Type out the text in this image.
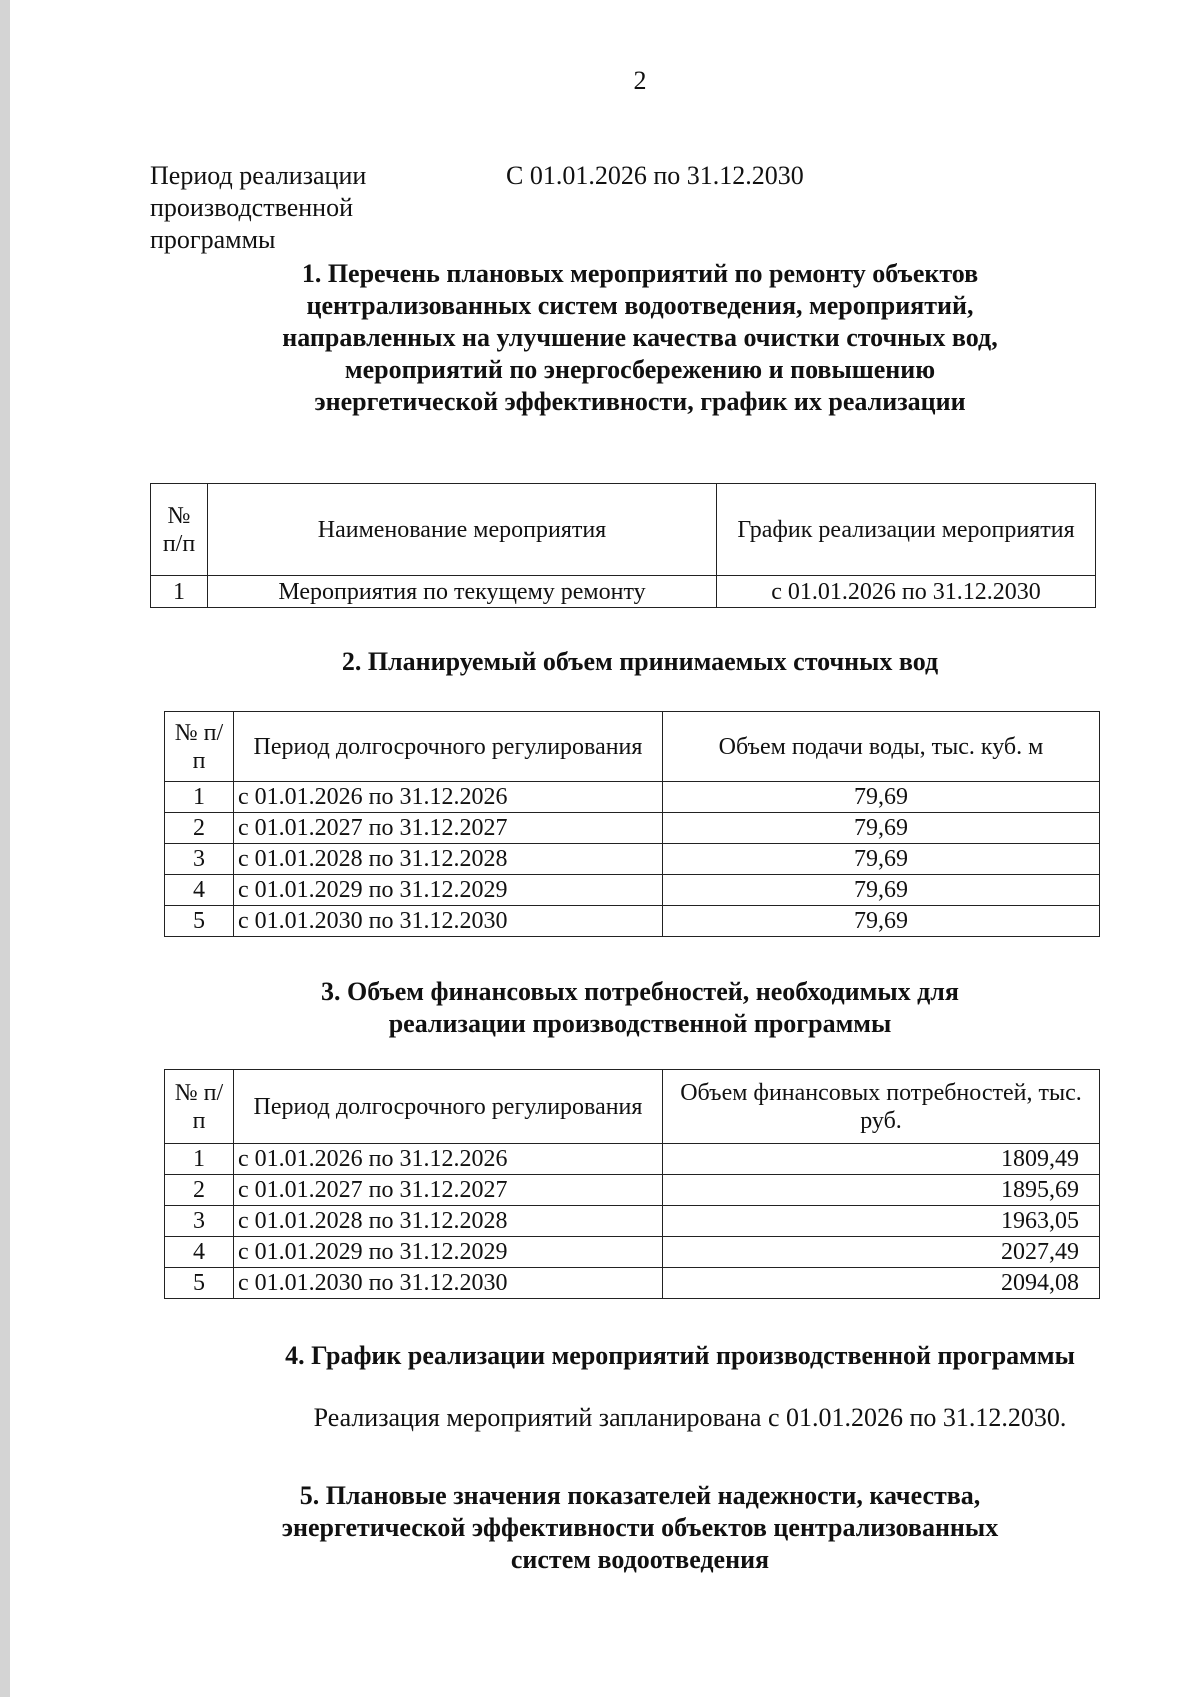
2
Период реализации производственной программы
С 01.01.2026 по 31.12.2030
1. Перечень плановых мероприятий по ремонту объектов централизованных систем водоотведения, мероприятий, направленных на улучшение качества очистки сточных вод, мероприятий по энергосбережению и повышению энергетической эффективности, график их реализации
№ п/п	Наименование мероприятия	График реализации мероприятия
1	Мероприятия по текущему ремонту	с 01.01.2026 по 31.12.2030
2. Планируемый объем принимаемых сточных вод
№ п/п	Период долгосрочного регулирования	Объем подачи воды, тыс. куб. м
1	с 01.01.2026 по 31.12.2026	79,69
2	с 01.01.2027 по 31.12.2027	79,69
3	с 01.01.2028 по 31.12.2028	79,69
4	с 01.01.2029 по 31.12.2029	79,69
5	с 01.01.2030 по 31.12.2030	79,69
3. Объем финансовых потребностей, необходимых для реализации производственной программы
№ п/п	Период долгосрочного регулирования	Объем финансовых потребностей, тыс. руб.
1	с 01.01.2026 по 31.12.2026	1809,49
2	с 01.01.2027 по 31.12.2027	1895,69
3	с 01.01.2028 по 31.12.2028	1963,05
4	с 01.01.2029 по 31.12.2029	2027,49
5	с 01.01.2030 по 31.12.2030	2094,08
4. График реализации мероприятий производственной программы
Реализация мероприятий запланирована с 01.01.2026 по 31.12.2030.
5. Плановые значения показателей надежности, качества, энергетической эффективности объектов централизованных систем водоотведения
